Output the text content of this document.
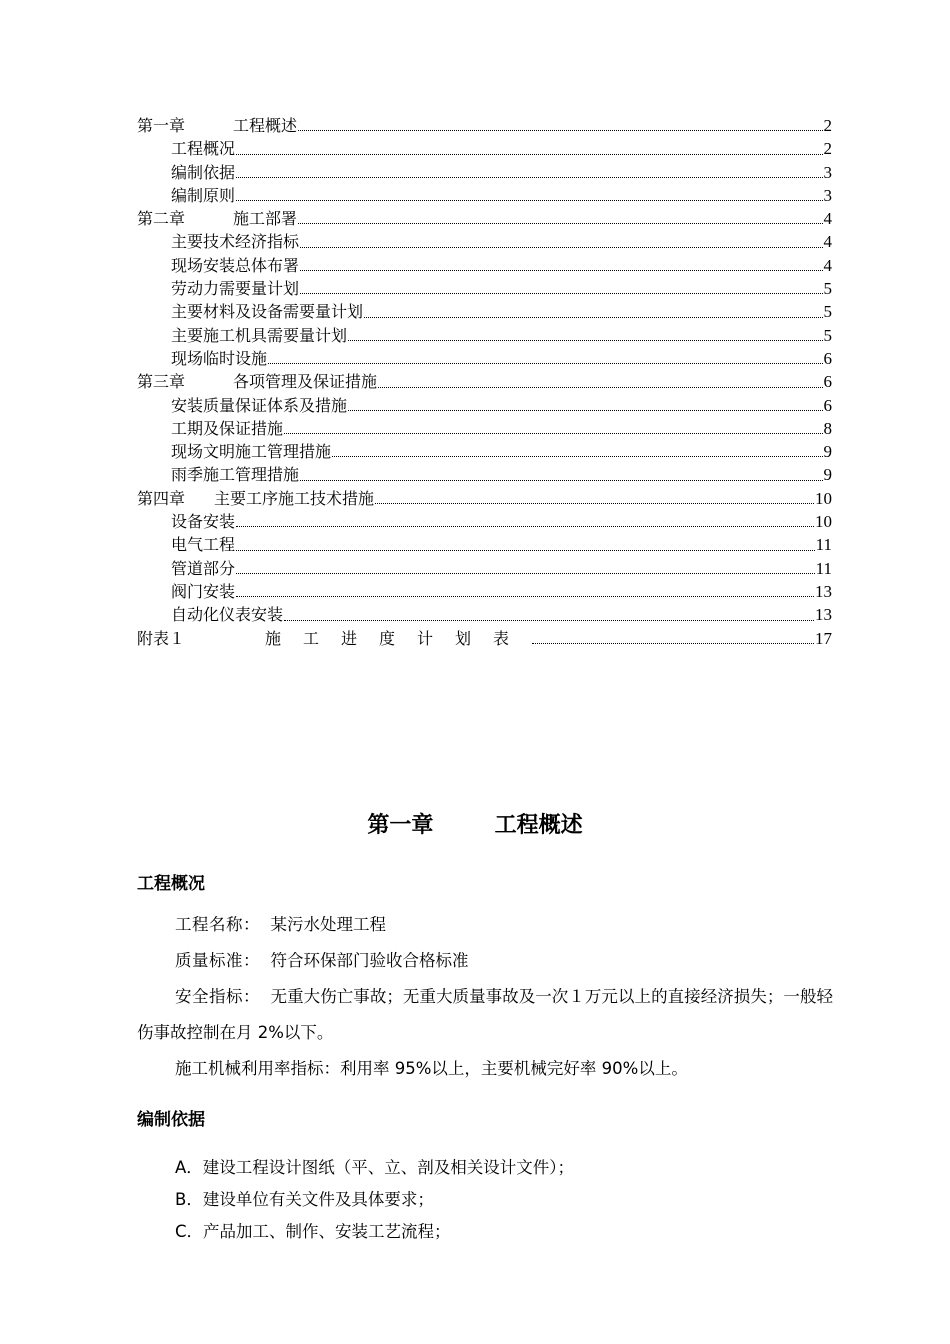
第一章	工程概述	2
工程概况	2
编制依据	3
编制原则	3
第二章	施工部署	4
主要技术经济指标	4
现场安装总体布署	4
劳动力需要量计划	5
主要材料及设备需要量计划	5
主要施工机具需要量计划	5
现场临时设施	6
第三章	各项管理及保证措施	6
安装质量保证体系及措施	6
工期及保证措施	8
现场文明施工管理措施	9
雨季施工管理措施	9
第四章 主要工序施工技术措施	10
设备安装	10
电气工程	11
管道部分	11
阀门安装	13
自动化仪表安装	13
附表１	施工进度计划表	17
第一章	工程概述
工程概况
工程名称： 某污水处理工程
质量标准： 符合环保部门验收合格标准
安全指标： 无重大伤亡事故；无重大质量事故及一次１万元以上的直接经济损失；一般轻伤事故控制在月 2%以下。
施工机械利用率指标：利用率 95%以上，主要机械完好率 90%以上。
编制依据
A．建设工程设计图纸（平、立、剖及相关设计文件）；
B．建设单位有关文件及具体要求；
C．产品加工、制作、安装工艺流程；
